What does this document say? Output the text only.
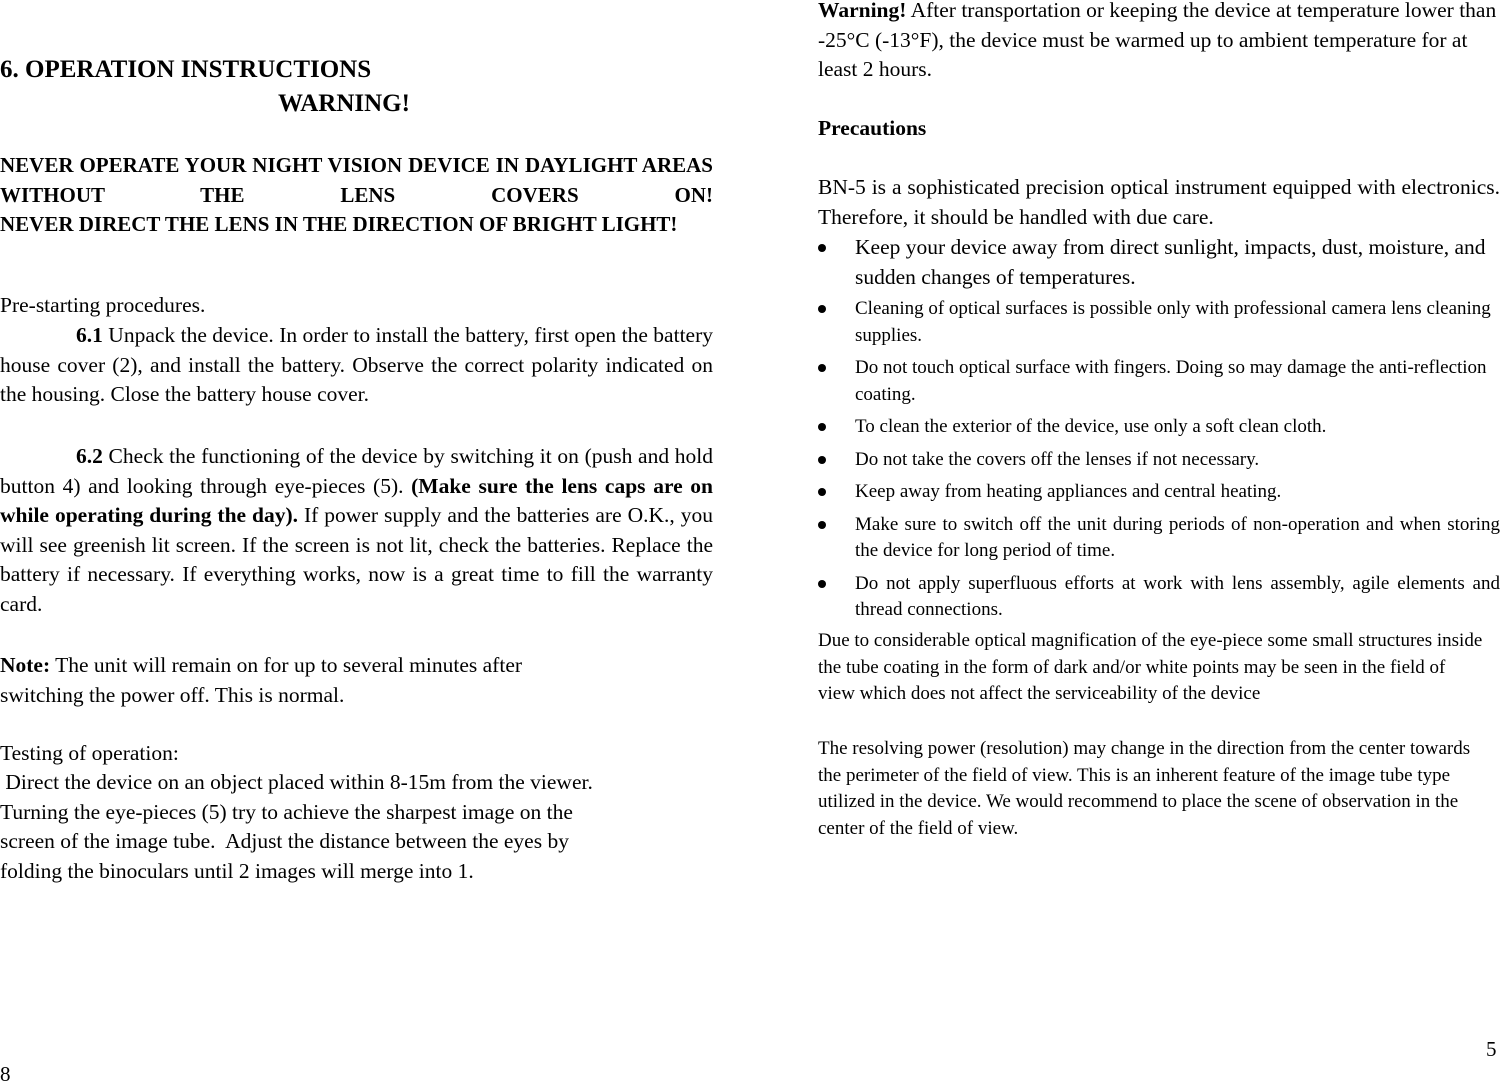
6. OPERATION INSTRUCTIONS
WARNING!

NEVER OPERATE YOUR NIGHT VISION DEVICE IN DAYLIGHT AREAS WITHOUT THE LENS COVERS ON!

NEVER DIRECT THE LENS IN THE DIRECTION OF BRIGHT LIGHT!

Pre-starting procedures.

6.1 Unpack the device. In order to install the battery, first open the battery house cover (2), and install the battery. Observe the correct polarity indicated on the housing. Close the battery house cover.

6.2 Check the functioning of the device by switching it on (push and hold button 4) and looking through eye-pieces (5). (Make sure the lens caps are on while operating during the day). If power supply and the batteries are O.K., you will see greenish lit screen. If the screen is not lit, check the batteries. Replace the battery if necessary. If everything works, now is a great time to fill the warranty card.

Note: The unit will remain on for up to several minutes after
switching the power off. This is normal.

Testing of operation:

Direct the device on an object placed within 8-15m from the viewer.
Turning the eye-pieces (5) try to achieve the sharpest image on the
screen of the image tube.  Adjust the distance between the eyes by
folding the binoculars until 2 images will merge into 1.
8

Warning! After transportation or keeping the device at temperature lower than -25°C (-13°F), the device must be warmed up to ambient temperature for at least 2 hours.

Precautions

BN-5 is a sophisticated precision optical instrument equipped with electronics. Therefore, it should be handled with due care.

Keep your device away from direct sunlight, impacts, dust, moisture, and sudden changes of temperatures.
Cleaning of optical surfaces is possible only with professional camera lens cleaning supplies.
Do not touch optical surface with fingers. Doing so may damage the anti-reflection coating.
To clean the exterior of the device, use only a soft clean cloth.
Do not take the covers off the lenses if not necessary.
Keep away from heating appliances and central heating.
Make sure to switch off the unit during periods of non-operation and when storing the device for long period of time.
Do not apply superfluous efforts at work with lens assembly, agile elements and thread connections.

Due to considerable optical magnification of the eye-piece some small structures inside the tube coating in the form of dark and/or white points may be seen in the field of view which does not affect the serviceability of the device

The resolving power (resolution) may change in the direction from the center towards the perimeter of the field of view. This is an inherent feature of the image tube type utilized in the device. We would recommend to place the scene of observation in the center of the field of view.

5
